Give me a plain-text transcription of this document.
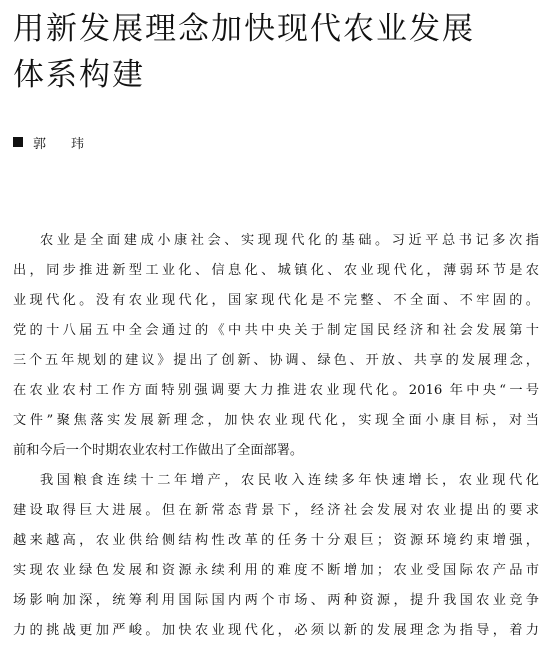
用新发展理念加快现代农业发展
体系构建
郭　玮
农业是全面建成小康社会、实现现代化的基础。习近平总书记多次指
出，同步推进新型工业化、信息化、城镇化、农业现代化，薄弱环节是农
业现代化。没有农业现代化，国家现代化是不完整、不全面、不牢固的。
党的十八届五中全会通过的《中共中央关于制定国民经济和社会发展第十
三个五年规划的建议》提出了创新、协调、绿色、开放、共享的发展理念，
在农业农村工作方面特别强调要大力推进农业现代化。2016 年中央“一号
文件”聚焦落实发展新理念，加快农业现代化，实现全面小康目标，对当
前和今后一个时期农业农村工作做出了全面部署。
我国粮食连续十二年增产，农民收入连续多年快速增长，农业现代化
建设取得巨大进展。但在新常态背景下，经济社会发展对农业提出的要求
越来越高，农业供给侧结构性改革的任务十分艰巨；资源环境约束增强，
实现农业绿色发展和资源永续利用的难度不断增加；农业受国际农产品市
场影响加深，统筹利用国际国内两个市场、两种资源，提升我国农业竞争
力的挑战更加严峻。加快农业现代化，必须以新的发展理念为指导，着力
